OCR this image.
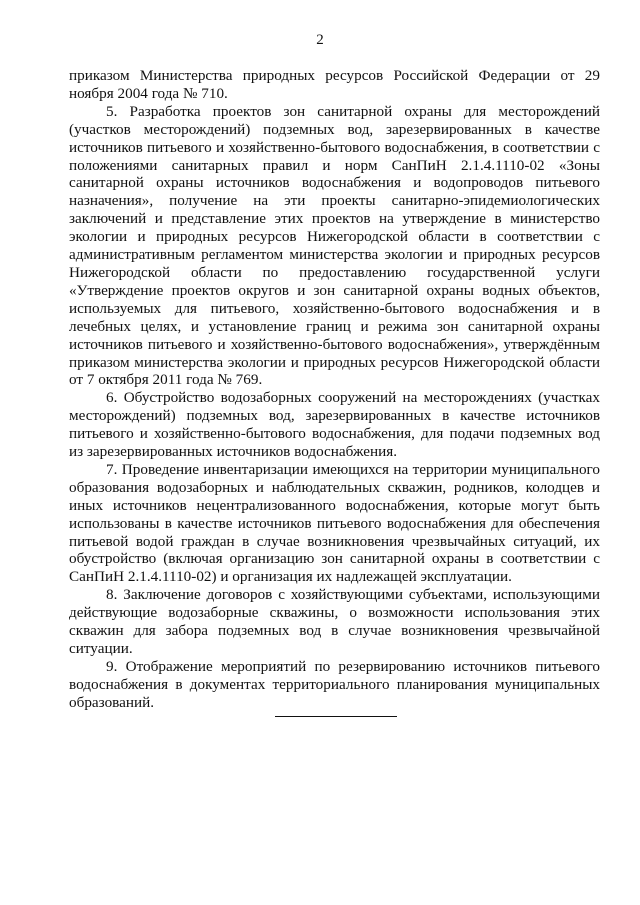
2

приказом Министерства природных ресурсов Российской Федерации от 29 ноября 2004 года № 710.

5. Разработка проектов зон санитарной охраны для месторождений (участков месторождений) подземных вод, зарезервированных в качестве источников питьевого и хозяйственно-бытового водоснабжения, в соответствии с положениями санитарных правил и норм СанПиН 2.1.4.1110-02 «Зоны санитарной охраны источников водоснабжения и водопроводов питьевого назначения», получение на эти проекты санитарно-эпидемиологических заключений и представление этих проектов на утверждение в министерство экологии и природных ресурсов Нижегородской области в соответствии с административным регламентом министерства экологии и природных ресурсов Нижегородской области по предоставлению государственной услуги «Утверждение проектов округов и зон санитарной охраны водных объектов, используемых для питьевого, хозяйственно-бытового водоснабжения и в лечебных целях, и установление границ и режима зон санитарной охраны источников питьевого и хозяйственно-бытового водоснабжения», утверждённым приказом министерства экологии и природных ресурсов Нижегородской области от 7 октября 2011 года № 769.

6. Обустройство водозаборных сооружений на месторождениях (участках месторождений) подземных вод, зарезервированных в качестве источников питьевого и хозяйственно-бытового водоснабжения, для подачи подземных вод из зарезервированных источников водоснабжения.

7. Проведение инвентаризации имеющихся на территории муниципального образования водозаборных и наблюдательных скважин, родников, колодцев и иных источников нецентрализованного водоснабжения, которые могут быть использованы в качестве источников питьевого водоснабжения для обеспечения питьевой водой граждан в случае возникновения чрезвычайных ситуаций, их обустройство (включая организацию зон санитарной охраны в соответствии с СанПиН 2.1.4.1110-02) и организация их надлежащей эксплуатации.

8. Заключение договоров с хозяйствующими субъектами, использующими действующие водозаборные скважины, о возможности использования этих скважин для забора подземных вод в случае возникновения чрезвычайной ситуации.

9. Отображение мероприятий по резервированию источников питьевого водоснабжения в документах территориального планирования муниципальных образований.
